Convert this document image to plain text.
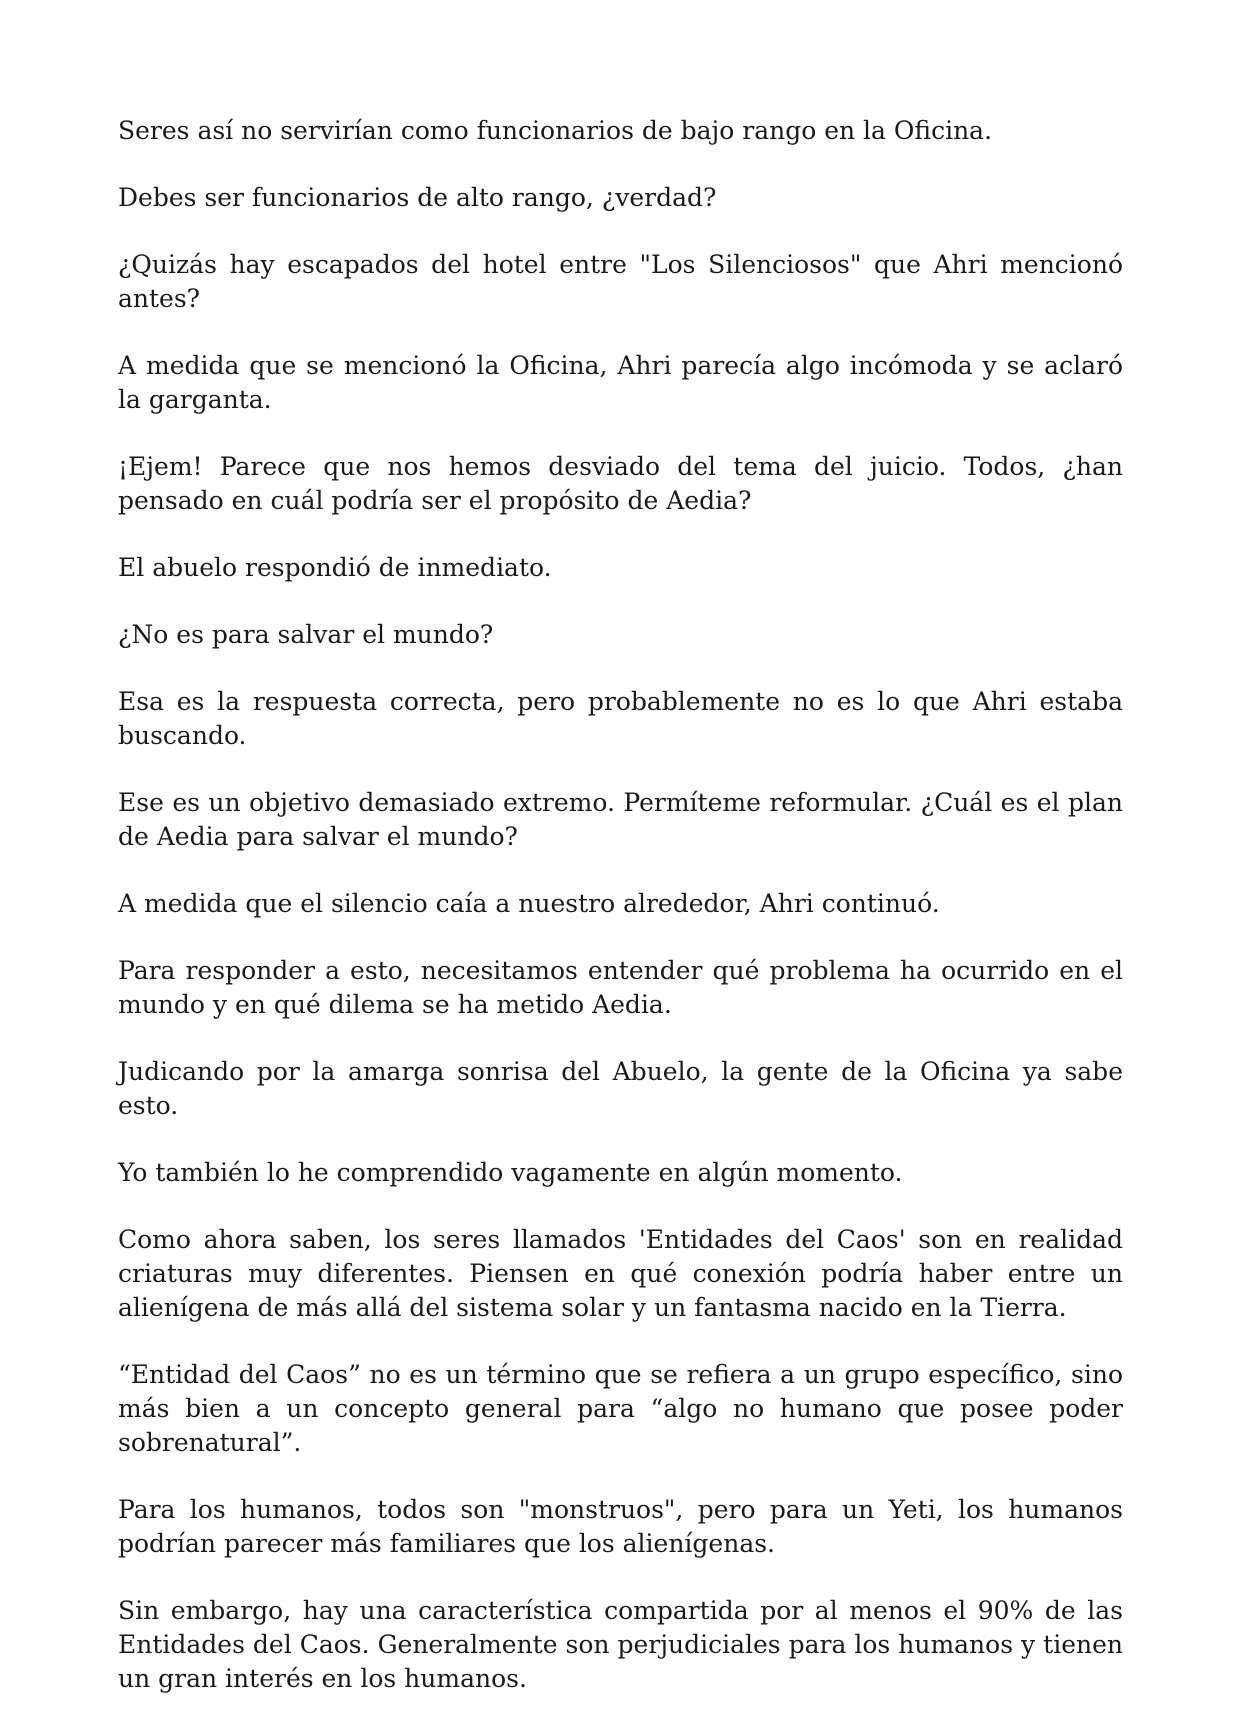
Seres así no servirían como funcionarios de bajo rango en la Oficina.

Debes ser funcionarios de alto rango, ¿verdad?

¿Quizás hay escapados del hotel entre "Los Silenciosos" que Ahri mencionó antes?

A medida que se mencionó la Oficina, Ahri parecía algo incómoda y se aclaró la garganta.

¡Ejem! Parece que nos hemos desviado del tema del juicio. Todos, ¿han pensado en cuál podría ser el propósito de Aedia?

El abuelo respondió de inmediato.

¿No es para salvar el mundo?

Esa es la respuesta correcta, pero probablemente no es lo que Ahri estaba buscando.

Ese es un objetivo demasiado extremo. Permíteme reformular. ¿Cuál es el plan de Aedia para salvar el mundo?

A medida que el silencio caía a nuestro alrededor, Ahri continuó.

Para responder a esto, necesitamos entender qué problema ha ocurrido en el mundo y en qué dilema se ha metido Aedia.

Judicando por la amarga sonrisa del Abuelo, la gente de la Oficina ya sabe esto.

Yo también lo he comprendido vagamente en algún momento.

Como ahora saben, los seres llamados 'Entidades del Caos' son en realidad criaturas muy diferentes. Piensen en qué conexión podría haber entre un alienígena de más allá del sistema solar y un fantasma nacido en la Tierra.

“Entidad del Caos” no es un término que se refiera a un grupo específico, sino más bien a un concepto general para “algo no humano que posee poder sobrenatural”.

Para los humanos, todos son "monstruos", pero para un Yeti, los humanos podrían parecer más familiares que los alienígenas.

Sin embargo, hay una característica compartida por al menos el 90% de las Entidades del Caos. Generalmente son perjudiciales para los humanos y tienen un gran interés en los humanos.
